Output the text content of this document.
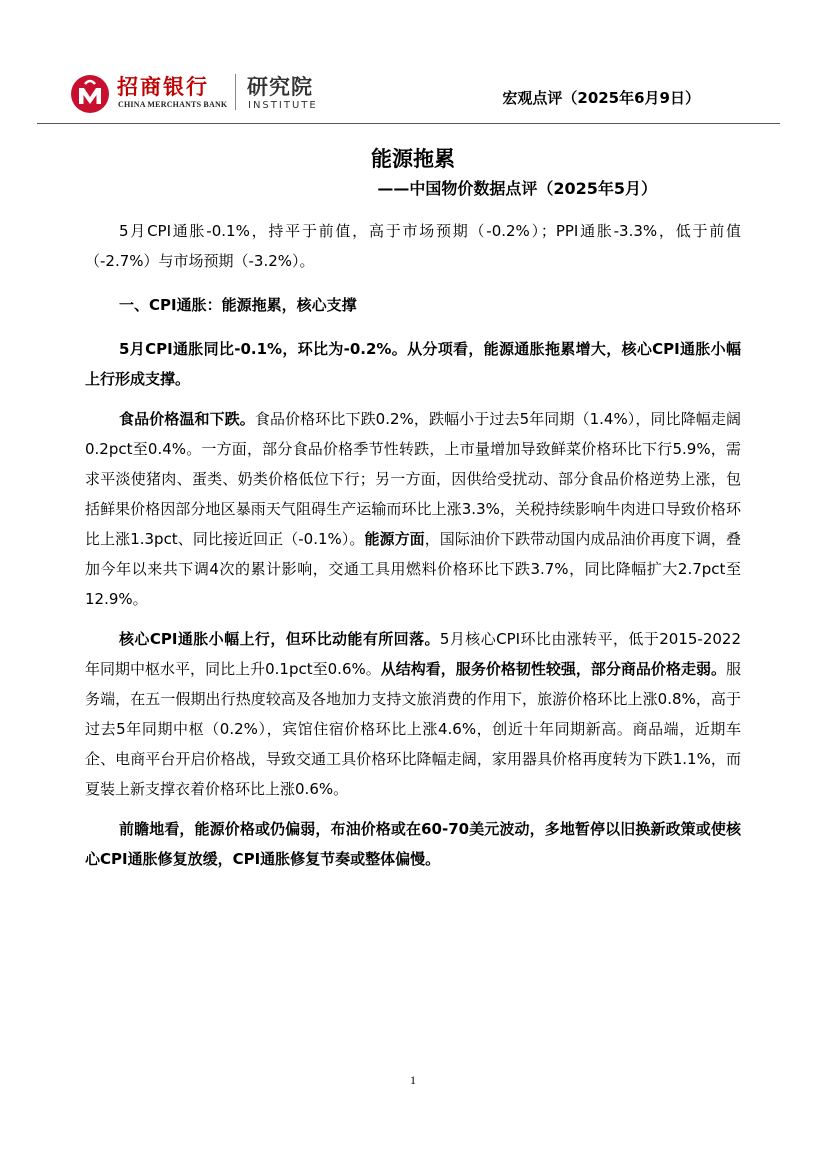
招商银行
CHINA MERCHANTS BANK
研究院
INSTITUTE	宏观点评（2025年6月9日）
能源拖累
——中国物价数据点评（2025年5月）

5月CPI通胀-0.1%，持平于前值，高于市场预期（-0.2%）；PPI通胀-3.3%，低于前值（-2.7%）与市场预期（-3.2%）。

一、CPI通胀：能源拖累，核心支撑

5月CPI通胀同比-0.1%，环比为-0.2%。从分项看，能源通胀拖累增大，核心CPI通胀小幅上行形成支撑。

食品价格温和下跌。食品价格环比下跌0.2%，跌幅小于过去5年同期（1.4%），同比降幅走阔0.2pct至0.4%。一方面，部分食品价格季节性转跌，上市量增加导致鲜菜价格环比下行5.9%，需求平淡使猪肉、蛋类、奶类价格低位下行；另一方面，因供给受扰动、部分食品价格逆势上涨，包括鲜果价格因部分地区暴雨天气阻碍生产运输而环比上涨3.3%，关税持续影响牛肉进口导致价格环比上涨1.3pct、同比接近回正（-0.1%）。能源方面，国际油价下跌带动国内成品油价再度下调，叠加今年以来共下调4次的累计影响，交通工具用燃料价格环比下跌3.7%，同比降幅扩大2.7pct至12.9%。

核心CPI通胀小幅上行，但环比动能有所回落。5月核心CPI环比由涨转平，低于2015-2022年同期中枢水平，同比上升0.1pct至0.6%。从结构看，服务价格韧性较强，部分商品价格走弱。服务端，在五一假期出行热度较高及各地加力支持文旅消费的作用下，旅游价格环比上涨0.8%，高于过去5年同期中枢（0.2%），宾馆住宿价格环比上涨4.6%，创近十年同期新高。商品端，近期车企、电商平台开启价格战，导致交通工具价格环比降幅走阔，家用器具价格再度转为下跌1.1%，而夏装上新支撑衣着价格环比上涨0.6%。

前瞻地看，能源价格或仍偏弱，布油价格或在60-70美元波动，多地暂停以旧换新政策或使核心CPI通胀修复放缓，CPI通胀修复节奏或整体偏慢。

1
